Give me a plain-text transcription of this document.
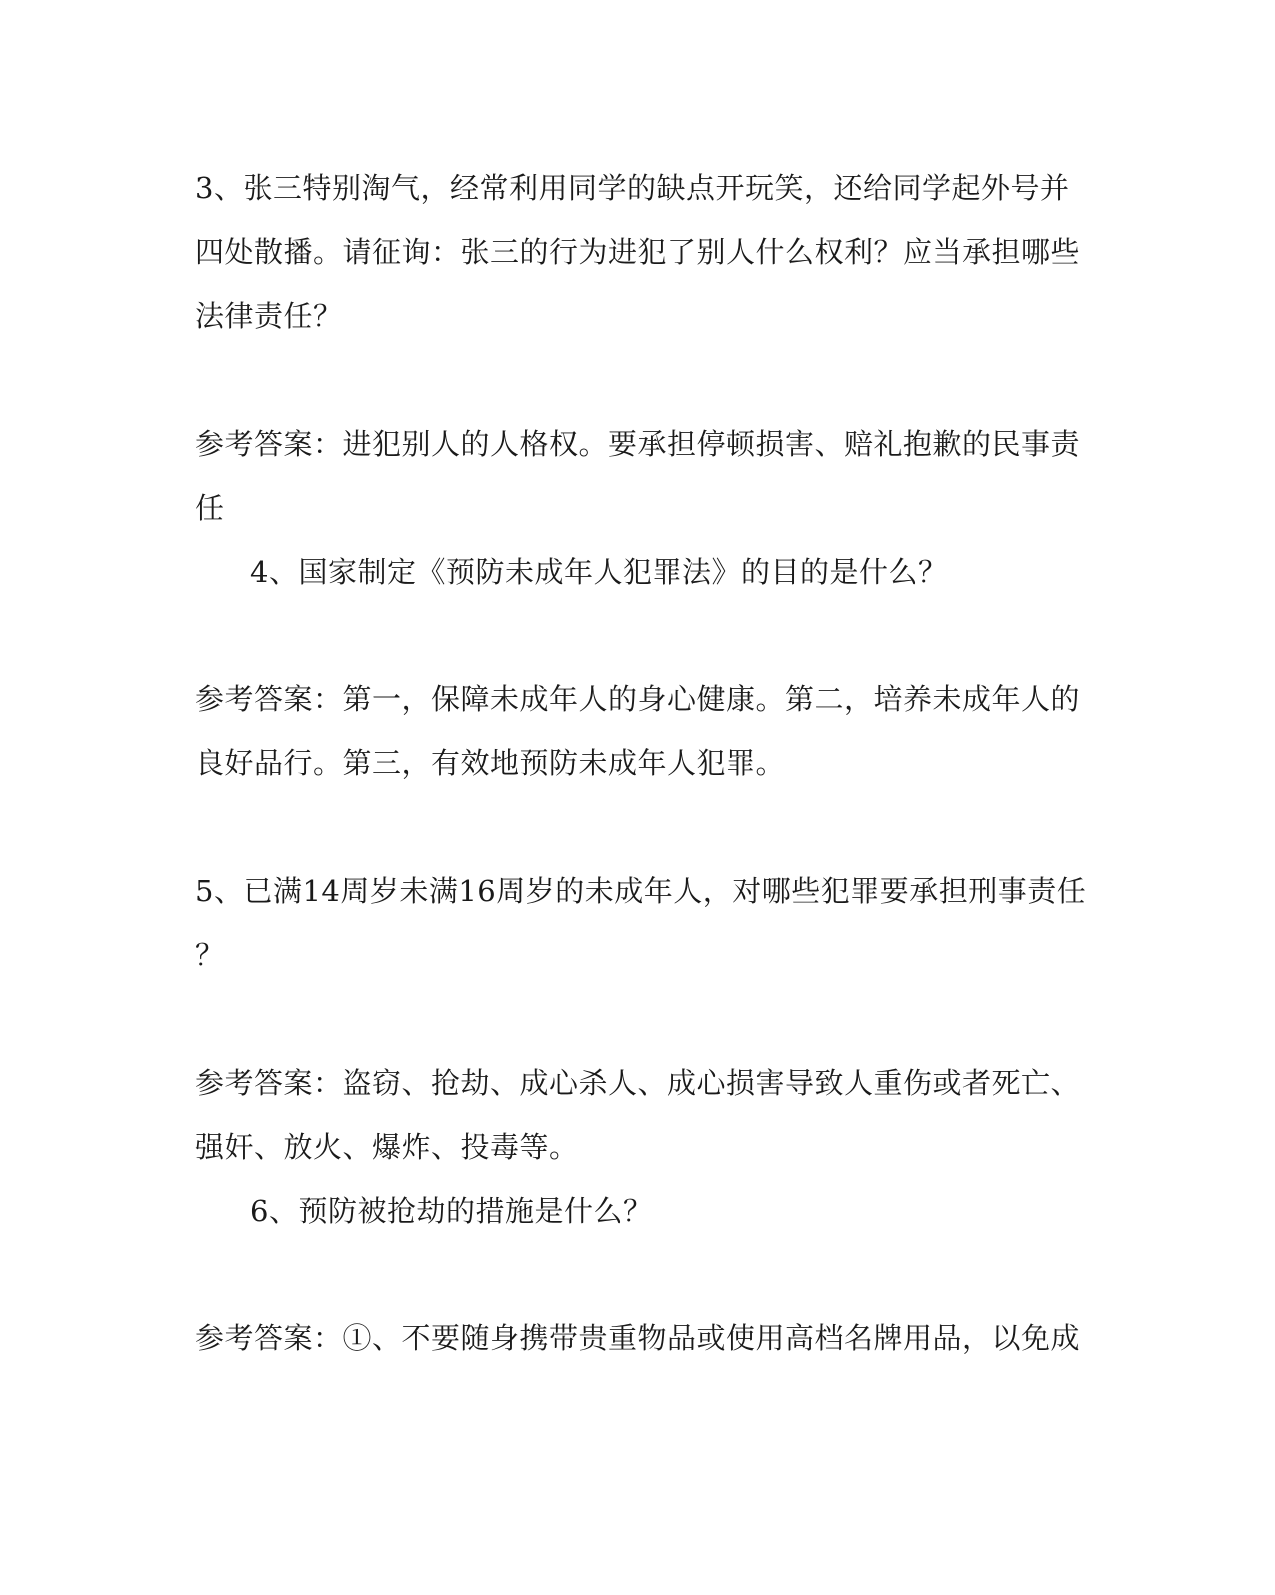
3、张三特别淘气，经常利用同学的缺点开玩笑，还给同学起外号并
四处散播。请征询：张三的行为进犯了别人什么权利？应当承担哪些
法律责任？
参考答案：进犯别人的人格权。要承担停顿损害、赔礼抱歉的民事责
任
4、国家制定《预防未成年人犯罪法》的目的是什么？
参考答案：第一，保障未成年人的身心健康。第二，培养未成年人的
良好品行。第三，有效地预防未成年人犯罪。
5、已满14周岁未满16周岁的未成年人，对哪些犯罪要承担刑事责任
？
参考答案：盗窃、抢劫、成心杀人、成心损害导致人重伤或者死亡、
强奸、放火、爆炸、投毒等。
6、预防被抢劫的措施是什么？
参考答案：①、不要随身携带贵重物品或使用高档名牌用品，以免成
